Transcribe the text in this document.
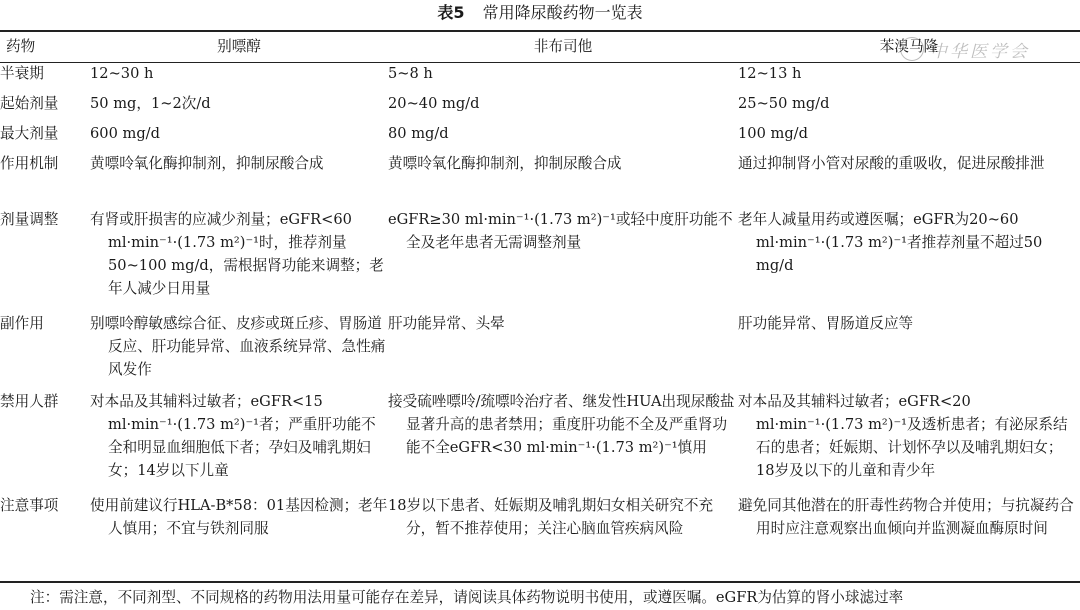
表5 常用降尿酸药物一览表
中华医学会
药物	别嘌醇	非布司他	苯溴马隆
半衰期	12~30 h	5~8 h	12~13 h

起始剂量	50 mg，1~2次/d	20~40 mg/d	25~50 mg/d

最大剂量	600 mg/d	80 mg/d	100 mg/d

作用机制	黄嘌呤氧化酶抑制剂，抑制尿酸合成	黄嘌呤氧化酶抑制剂，抑制尿酸合成	通过抑制肾小管对尿酸的重吸收，促进尿酸排泄

剂量调整	有肾或肝损害的应减少剂量；eGFR<60 ml·min⁻¹·(1.73 m²)⁻¹时，推荐剂量50~100 mg/d，需根据肾功能来调整；老年人减少日用量	eGFR≥30 ml·min⁻¹·(1.73 m²)⁻¹或轻中度肝功能不全及老年患者无需调整剂量	老年人减量用药或遵医嘱；eGFR为20~60 ml·min⁻¹·(1.73 m²)⁻¹者推荐剂量不超过50 mg/d

副作用	别嘌呤醇敏感综合征、皮疹或斑丘疹、胃肠道反应、肝功能异常、血液系统异常、急性痛风发作	肝功能异常、头晕	肝功能异常、胃肠道反应等

禁用人群	对本品及其辅料过敏者；eGFR<15 ml·min⁻¹·(1.73 m²)⁻¹者；严重肝功能不全和明显血细胞低下者；孕妇及哺乳期妇女；14岁以下儿童	接受硫唑嘌呤/巯嘌呤治疗者、继发性HUA出现尿酸盐显著升高的患者禁用；重度肝功能不全及严重肾功能不全eGFR<30 ml·min⁻¹·(1.73 m²)⁻¹慎用	对本品及其辅料过敏者；eGFR<20 ml·min⁻¹·(1.73 m²)⁻¹及透析患者；有泌尿系结石的患者；妊娠期、计划怀孕以及哺乳期妇女；18岁及以下的儿童和青少年

注意事项	使用前建议行HLA-B*58：01基因检测；老年人慎用；不宜与铁剂同服	18岁以下患者、妊娠期及哺乳期妇女相关研究不充分，暂不推荐使用；关注心脑血管疾病风险	避免同其他潜在的肝毒性药物合并使用；与抗凝药合用时应注意观察出血倾向并监测凝血酶原时间
注：需注意，不同剂型、不同规格的药物用法用量可能存在差异，请阅读具体药物说明书使用，或遵医嘱。eGFR为估算的肾小球滤过率
